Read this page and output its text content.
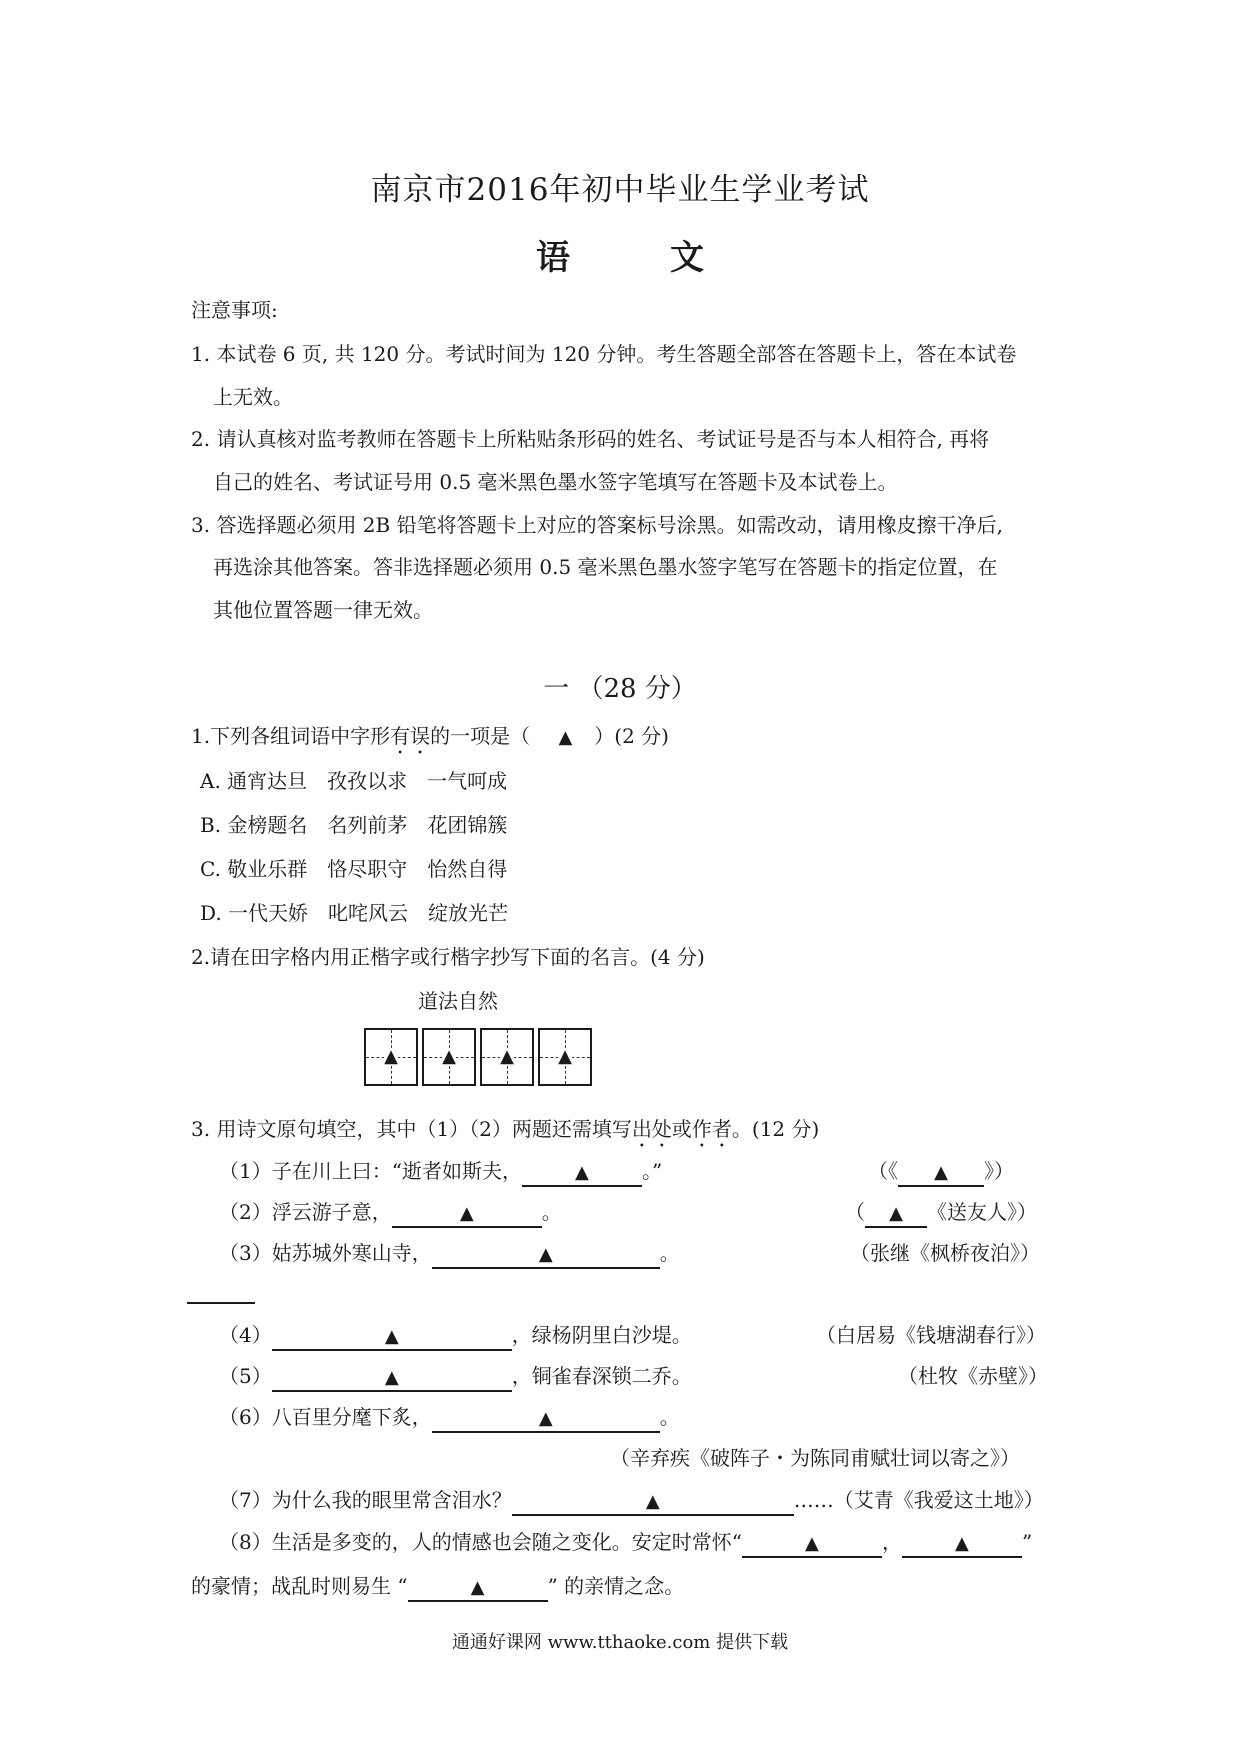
南京市2016年初中毕业生学业考试
语	文
注意事项:
1. 本试卷 6 页, 共 120 分。考试时间为 120 分钟。考生答题全部答在答题卡上，答在本试卷
上无效。
2. 请认真核对监考教师在答题卡上所粘贴条形码的姓名、考试证号是否与本人相符合, 再将
自己的姓名、考试证号用 0.5 毫米黑色墨水签字笔填写在答题卡及本试卷上。
3. 答选择题必须用 2B 铅笔将答题卡上对应的答案标号涂黑。如需改动，请用橡皮擦干净后,
再选涂其他答案。答非选择题必须用 0.5 毫米黑色墨水签字笔写在答题卡的指定位置，在
其他位置答题一律无效。
一 （28 分）
1.下列各组词语中字形有误的一项是（ ▲ ）(2 分)
A. 通宵达旦　孜孜以求　一气呵成
B. 金榜题名　名列前茅　花团锦簇
C. 敬业乐群　恪尽职守　怡然自得
D. 一代天娇　叱咤风云　绽放光芒
2.请在田字格内用正楷字或行楷字抄写下面的名言。(4 分)
道法自然
▲ ▲ ▲ ▲
3. 用诗文原句填空，其中（1）（2）两题还需填写出处或作者。(12 分)
（1）子在川上曰：“逝者如斯夫，	▲	。”	（《 ▲ 》）
（2）浮云游子意，	▲	。	（ ▲ 《送友人》）
（3）姑苏城外寒山寺，	▲	。	（张继《枫桥夜泊》）
（4）	▲	，绿杨阴里白沙堤。	（白居易《钱塘湖春行》）
（5）	▲	，铜雀春深锁二乔。	（杜牧《赤壁》）
（6）八百里分麾下炙，	▲	。
（辛弃疾《破阵子・为陈同甫赋壮词以寄之》）
（7）为什么我的眼里常含泪水？	▲	……（艾青《我爱这土地》）
（8）生活是多变的，人的情感也会随之变化。安定时常怀“	▲	，	▲	”
的豪情；战乱时则易生 “	▲	” 的亲情之念。
通通好课网 www.tthaoke.com 提供下载
